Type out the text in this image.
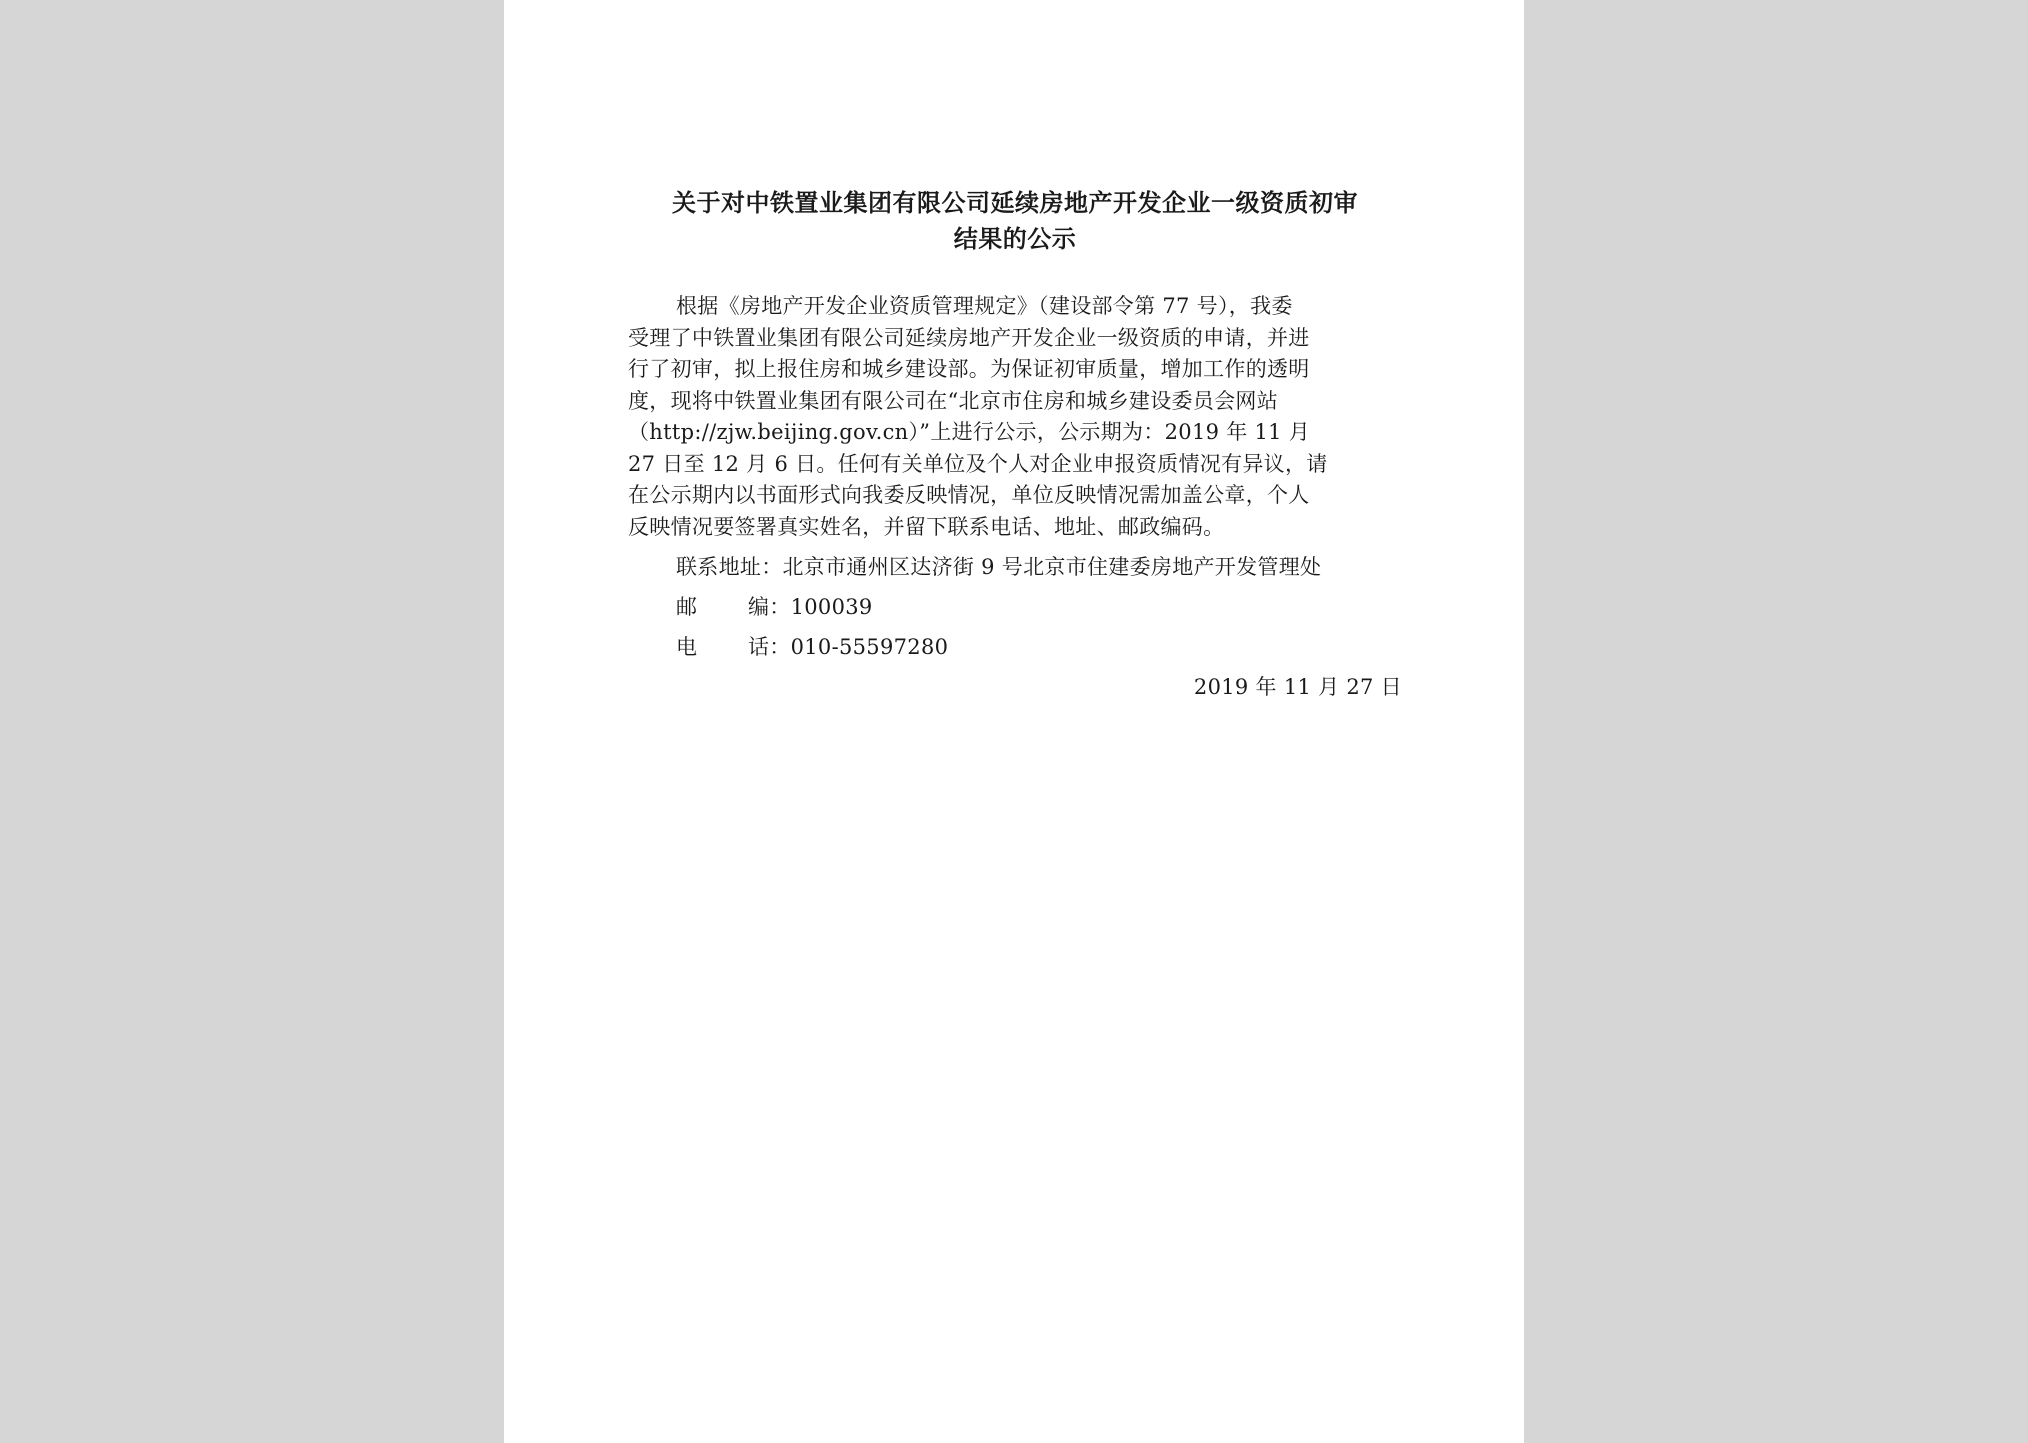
关于对中铁置业集团有限公司延续房地产开发企业一级资质初审
结果的公示
根据《房地产开发企业资质管理规定》（建设部令第 77 号），我委
受理了中铁置业集团有限公司延续房地产开发企业一级资质的申请，并进
行了初审，拟上报住房和城乡建设部。为保证初审质量，增加工作的透明
度，现将中铁置业集团有限公司在“北京市住房和城乡建设委员会网站
（http://zjw.beijing.gov.cn）”上进行公示，公示期为：2019 年 11 月
27 日至 12 月 6 日。任何有关单位及个人对企业申报资质情况有异议，请
在公示期内以书面形式向我委反映情况，单位反映情况需加盖公章，个人
反映情况要签署真实姓名，并留下联系电话、地址、邮政编码。
联系地址：北京市通州区达济街 9 号北京市住建委房地产开发管理处
邮 编：100039
电 话：010-55597280
2019 年 11 月 27 日
